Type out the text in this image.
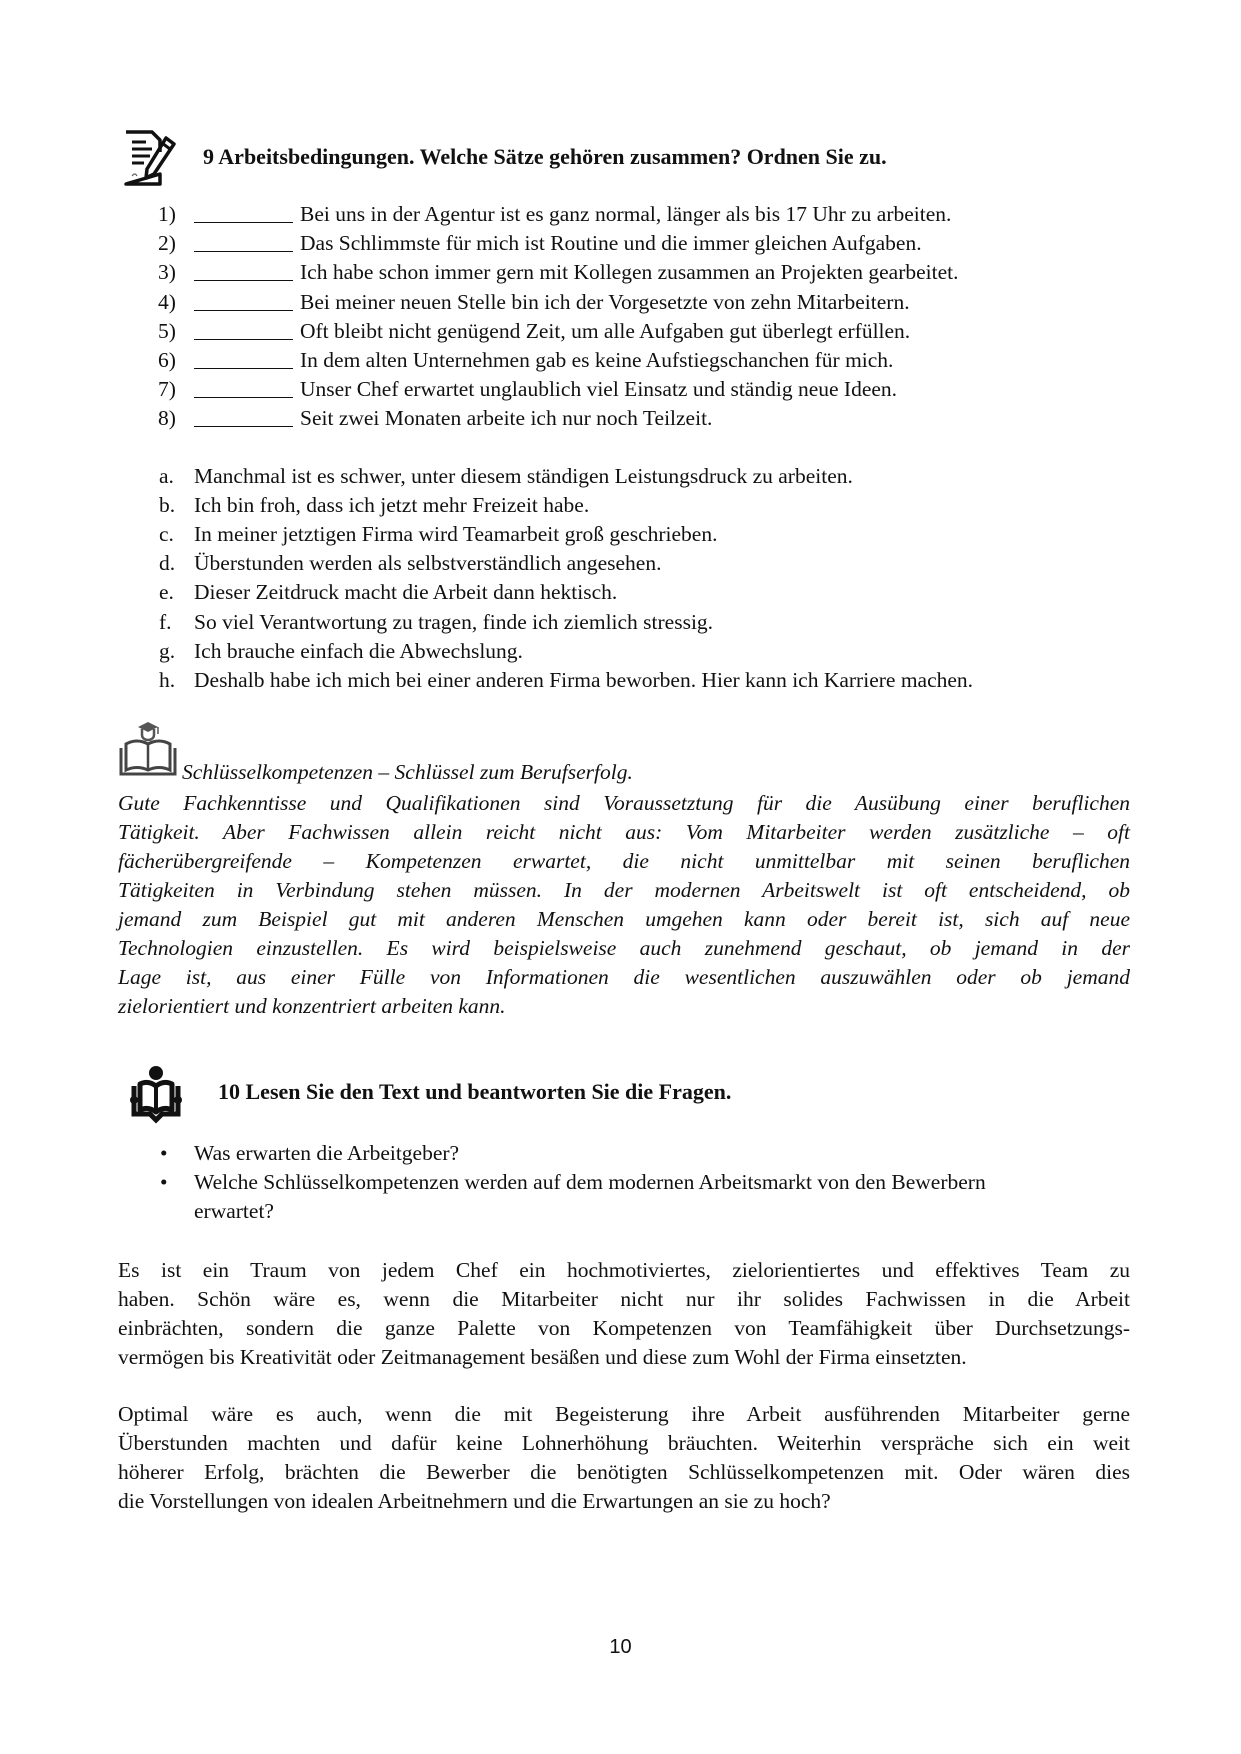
9 Arbeitsbedingungen. Welche Sätze gehören zusammen? Ordnen Sie zu.
1)	Bei uns in der Agentur ist es ganz normal, länger als bis 17 Uhr zu arbeiten.
2)	Das Schlimmste für mich ist Routine und die immer gleichen Aufgaben.
3)	Ich habe schon immer gern mit Kollegen zusammen an Projekten gearbeitet.
4)	Bei meiner neuen Stelle bin ich der Vorgesetzte von zehn Mitarbeitern.
5)	Oft bleibt nicht genügend Zeit, um alle Aufgaben gut überlegt erfüllen.
6)	In dem alten Unternehmen gab es keine Aufstiegschanchen für mich.
7)	Unser Chef erwartet unglaublich viel Einsatz und ständig neue Ideen.
8)	Seit zwei Monaten arbeite ich nur noch Teilzeit.
a. Manchmal ist es schwer, unter diesem ständigen Leistungsdruck zu arbeiten.
b. Ich bin froh, dass ich jetzt mehr Freizeit habe.
c. In meiner jetztigen Firma wird Teamarbeit groß geschrieben.
d. Überstunden werden als selbstverständlich angesehen.
e. Dieser Zeitdruck macht die Arbeit dann hektisch.
f. So viel Verantwortung zu tragen, finde ich ziemlich stressig.
g. Ich brauche einfach die Abwechslung.
h. Deshalb habe ich mich bei einer anderen Firma beworben. Hier kann ich Karriere machen.
Schlüsselkompetenzen – Schlüssel zum Berufserfolg.
Gute Fachkenntisse und Qualifikationen sind Voraussetztung für die Ausübung einer beruflichen
Tätigkeit. Aber Fachwissen allein reicht nicht aus: Vom Mitarbeiter werden zusätzliche – oft
fächerübergreifende – Kompetenzen erwartet, die nicht unmittelbar mit seinen beruflichen
Tätigkeiten in Verbindung stehen müssen. In der modernen Arbeitswelt ist oft entscheidend, ob
jemand zum Beispiel gut mit anderen Menschen umgehen kann oder bereit ist, sich auf neue
Technologien einzustellen. Es wird beispielsweise auch zunehmend geschaut, ob jemand in der
Lage ist, aus einer Fülle von Informationen die wesentlichen auszuwählen oder ob jemand
zielorientiert und konzentriert arbeiten kann.
10 Lesen Sie den Text und beantworten Sie die Fragen.
• Was erwarten die Arbeitgeber?
• Welche Schlüsselkompetenzen werden auf dem modernen Arbeitsmarkt von den Bewerbern
erwartet?
Es ist ein Traum von jedem Chef ein hochmotiviertes, zielorientiertes und effektives Team zu
haben. Schön wäre es, wenn die Mitarbeiter nicht nur ihr solides Fachwissen in die Arbeit
einbrächten, sondern die ganze Palette von Kompetenzen von Teamfähigkeit über Durchsetzungs-
vermögen bis Kreativität oder Zeitmanagement besäßen und diese zum Wohl der Firma einsetzten.
Optimal wäre es auch, wenn die mit Begeisterung ihre Arbeit ausführenden Mitarbeiter gerne
Überstunden machten und dafür keine Lohnerhöhung bräuchten. Weiterhin verspräche sich ein weit
höherer Erfolg, brächten die Bewerber die benötigten Schlüsselkompetenzen mit. Oder wären dies
die Vorstellungen von idealen Arbeitnehmern und die Erwartungen an sie zu hoch?
10
